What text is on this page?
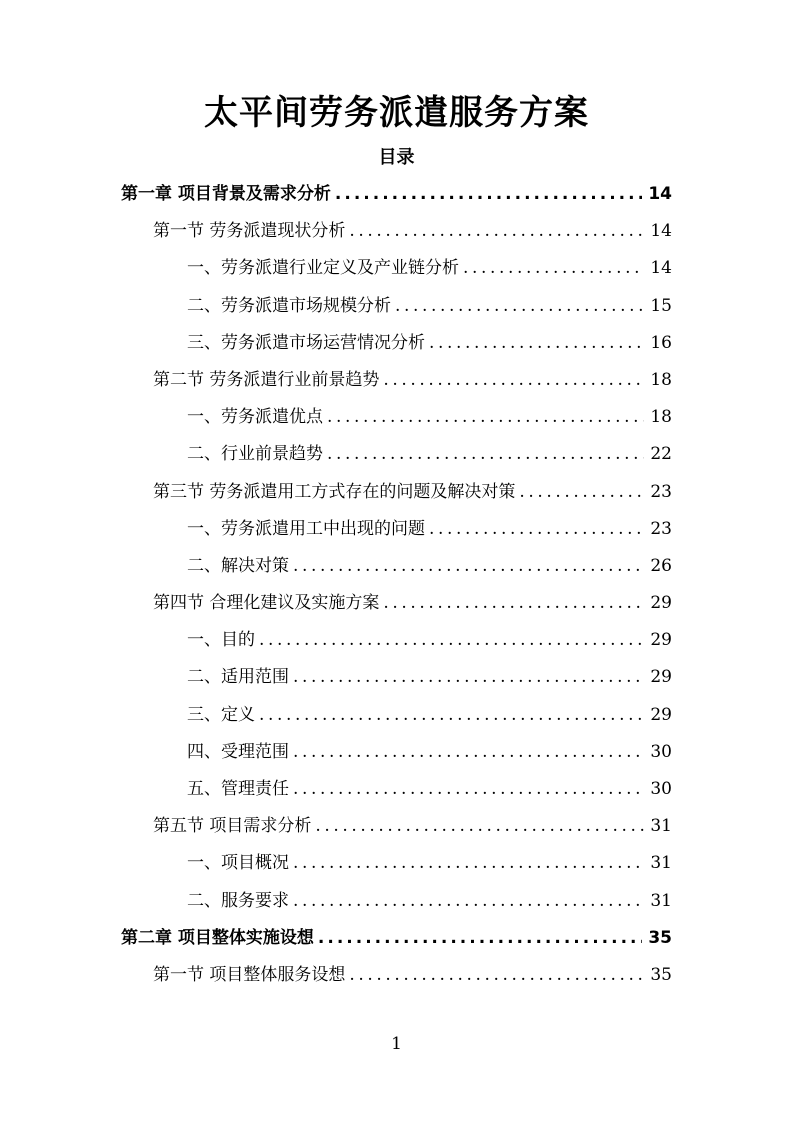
太平间劳务派遣服务方案
目录
第一章 项目背景及需求分析 .....	14
第一节 劳务派遣现状分析 .....	14
一、劳务派遣行业定义及产业链分析 .....	14
二、劳务派遣市场规模分析 .....	15
三、劳务派遣市场运营情况分析 .....	16
第二节 劳务派遣行业前景趋势 .....	18
一、劳务派遣优点 .....	18
二、行业前景趋势 .....	22
第三节 劳务派遣用工方式存在的问题及解决对策 .....	23
一、劳务派遣用工中出现的问题 .....	23
二、解决对策 .....	26
第四节 合理化建议及实施方案 .....	29
一、目的 .....	29
二、适用范围 .....	29
三、定义 .....	29
四、受理范围 .....	30
五、管理责任 .....	30
第五节 项目需求分析 .....	31
一、项目概况 .....	31
二、服务要求 .....	31
第二章 项目整体实施设想 .....	35
第一节 项目整体服务设想 .....	35
1
